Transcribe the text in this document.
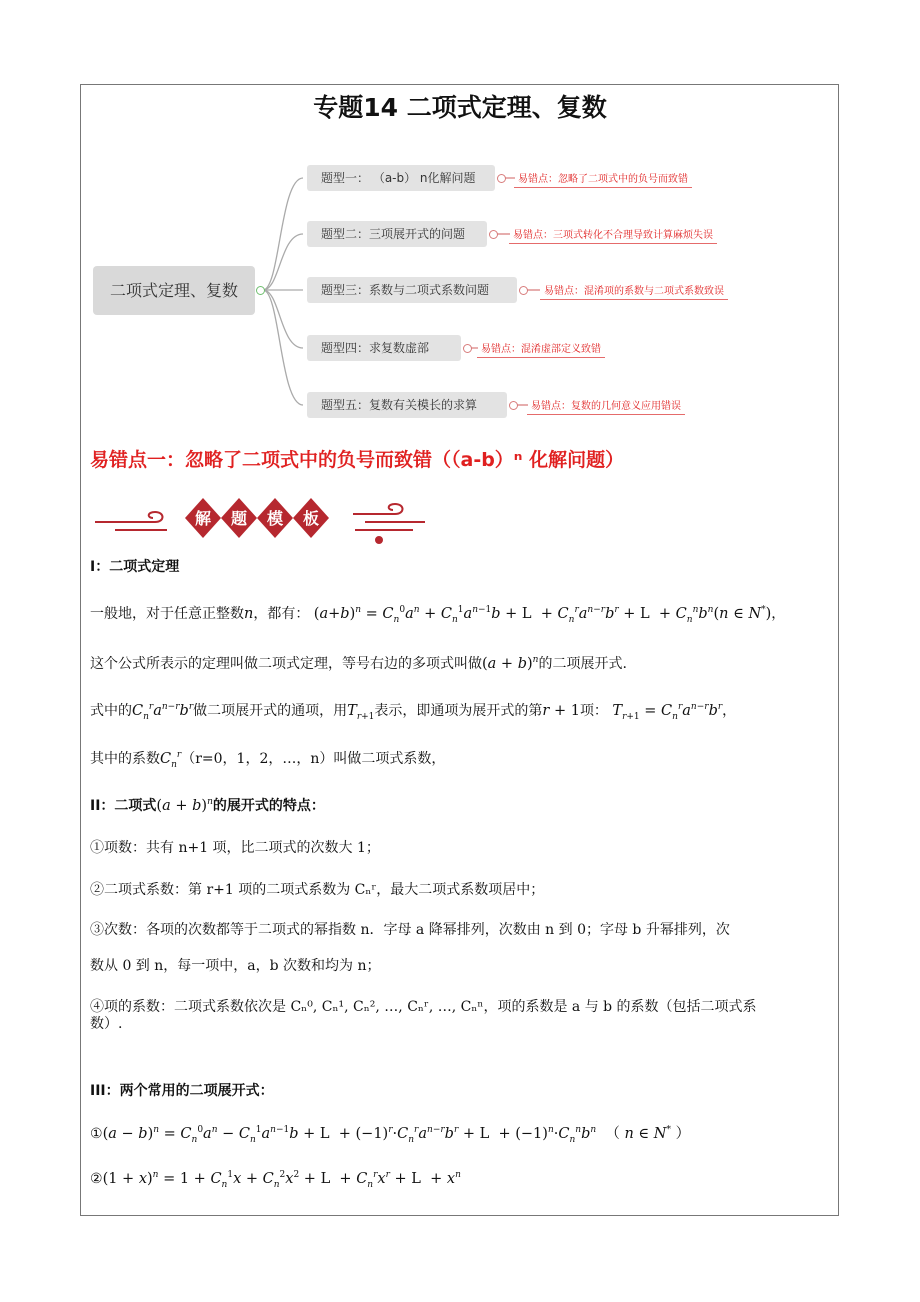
专题14 二项式定理、复数
二项式定理、复数
题型一： （a-b） n化解问题	易错点：忽略了二项式中的负号而致错
题型二：三项展开式的问题	易错点：三项式转化不合理导致计算麻烦失误
题型三：系数与二项式系数问题	易错点：混淆项的系数与二项式系数致误
题型四：求复数虚部	易错点：混淆虚部定义致错
题型五：复数有关模长的求算	易错点：复数的几何意义应用错误
易错点一：忽略了二项式中的负号而致错（（a-b）ⁿ 化解问题）
解 题 模 板
I：二项式定理
一般地，对于任意正整数n，都有： $(a+b)^n = C_n^0a^n + C_n^1a^{n-1}b + L + C_n^ra^{n-r}b^r + L + C_n^nb^n(n$ ∈ N*)，
这个公式所表示的定理叫做二项式定理，等号右边的多项式叫做$(a + b)^n$的二项展开式.
式中的$C_n^ra^{n-r}b^r$做二项展开式的通项，用$T_{r+1}$表示，即通项为展开式的第r + 1项： $T_{r+1} = C_n^ra^{n-r}b^r$，
其中的系数$C_n^r(r=0$，1，2，…，n）叫做二项式系数，
II：二项式$(a + b)^n$的展开式的特点：
①项数：共有 n+1 项，比二项式的次数大 1；
②二项式系数：第 r+1 项的二项式系数为 Cₙʳ，最大二项式系数项居中；
③次数：各项的次数都等于二项式的幂指数 n．字母 a 降幂排列，次数由 n 到 0；字母 b 升幂排列，次
数从 0 到 n，每一项中，a，b 次数和均为 n；
④项的系数：二项式系数依次是 Cₙ⁰, Cₙ¹, Cₙ², …, Cₙʳ, …, Cₙⁿ，项的系数是 a 与 b 的系数（包括二项式系
数）.
III：两个常用的二项展开式：
①(a − $b)^n = C_n^0a^n - C_n^1a^{n-1}b + L + (-1)^r\cdot C_n^ra^{n-r}b^r + L + (-1)^n\cdot C_n^nb^n$  （ n ∈ N* ）
②(1 + $x)^n = 1 + C_n^1x + C_n^2x^2 + L + C_n^rx^r + L + x^n$
